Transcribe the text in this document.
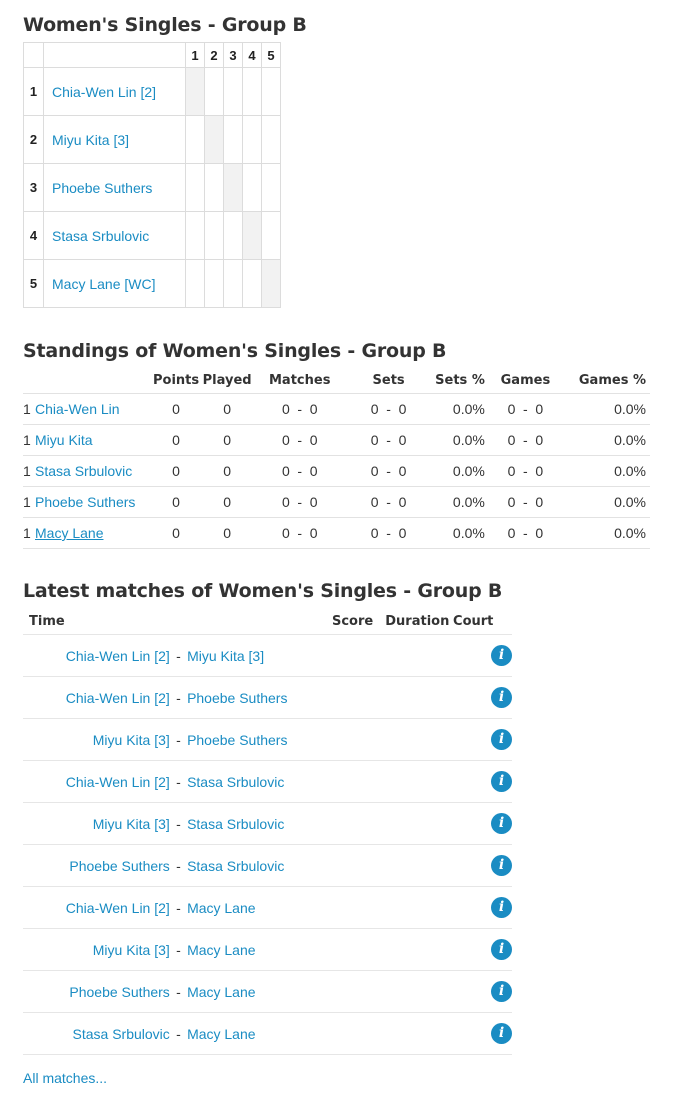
Women's Singles - Group B
		1	2	3	4	5
1	Chia-Wen Lin [2]					
2	Miyu Kita [3]					
3	Phoebe Suthers					
4	Stasa Srbulovic					
5	Macy Lane [WC]					
Standings of Women's Singles - Group B
		Points	Played	Matches			Sets			Sets %	Games			Games %
1	Chia-Wen Lin	0	0	0	-	0	0	-	0	0.0%	0	-	0	0.0%
1	Miyu Kita	0	0	0	-	0	0	-	0	0.0%	0	-	0	0.0%
1	Stasa Srbulovic	0	0	0	-	0	0	-	0	0.0%	0	-	0	0.0%
1	Phoebe Suthers	0	0	0	-	0	0	-	0	0.0%	0	-	0	0.0%
1	Macy Lane	0	0	0	-	0	0	-	0	0.0%	0	-	0	0.0%
Latest matches of Women's Singles - Group B
Time			Score	Duration	Court
Chia-Wen Lin [2]	-	Miyu Kita [3]			i
Chia-Wen Lin [2]	-	Phoebe Suthers			i
Miyu Kita [3]	-	Phoebe Suthers			i
Chia-Wen Lin [2]	-	Stasa Srbulovic			i
Miyu Kita [3]	-	Stasa Srbulovic			i
Phoebe Suthers	-	Stasa Srbulovic			i
Chia-Wen Lin [2]	-	Macy Lane			i
Miyu Kita [3]	-	Macy Lane			i
Phoebe Suthers	-	Macy Lane			i
Stasa Srbulovic	-	Macy Lane			i
All matches...
